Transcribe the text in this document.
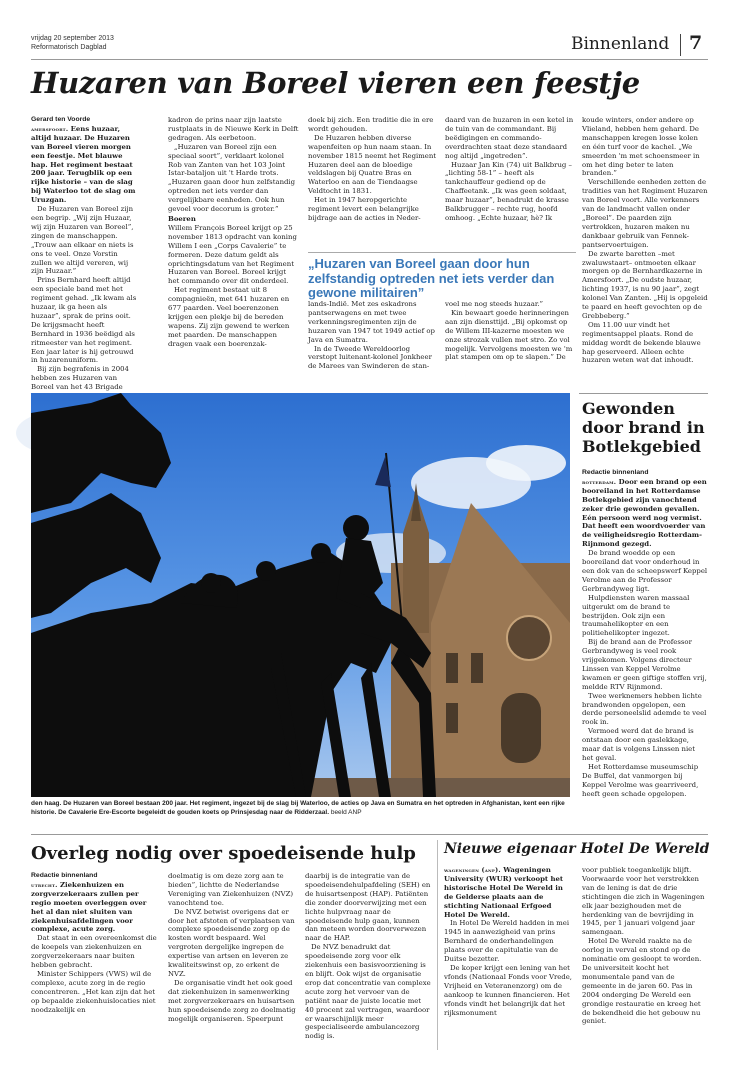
vrijdag 20 september 2013
Reformatorisch Dagblad	Binnenland 7
Huzaren van Boreel vieren een feestje

Gerard ten Voorde

amersfoort. Eens huzaar, altijd huzaar. De Huzaren van Boreel vieren morgen een feestje. Met blauwe hap. Het regiment bestaat 200 jaar. Terugblik op een rijke historie – van de slag bij Waterloo tot de slag om Uruzgan.

De Huzaren van Boreel zijn een begrip. „Wij zijn Huzaar, wij zijn Huzaren van Boreel”, zingen de manschappen. „Trouw aan elkaar en niets is ons te veel. Onze Vorstin zullen we altijd vereren, wij zijn Huzaar.”

Prins Bernhard heeft altijd een speciale band met het regiment gehad. „Ik kwam als huzaar, ik ga heen als huzaar”, sprak de prins ooit. De krijgsmacht heeft Bernhard in 1936 beëdigd als ritmeester van het regiment. Een jaar later is hij getrouwd in huzarenuniform.

Bij zijn begrafenis in 2004 hebben zes Huzaren van Boreel van het 43 Brigade

kadron de prins naar zijn laatste rustplaats in de Nieuwe Kerk in Delft gedragen. Als eerbetoon.

„Huzaren van Boreel zijn een speciaal soort”, verklaart kolonel Rob van Zanten van het 103 Joint Istar-bataljon uit 't Harde trots. „Huzaren gaan door hun zelfstandig optreden net iets verder dan vergelijkbare eenheden. Ook hun gevoel voor decorum is groter.”

Boeren

Willem François Boreel krijgt op 25 november 1813 opdracht van koning Willem I een „Corps Cavalerie” te formeren. Deze datum geldt als oprichtingsdatum van het Regiment Huzaren van Boreel. Boreel krijgt het commando over dit onderdeel.

Het regiment bestaat uit 8 compagnieën, met 641 huzaren en 677 paarden. Veel boerenzonen krijgen een plekje bij de bereden wapens. Zij zijn gewend te werken met paarden. De manschappen dragen vaak een boerenzak-

doek bij zich. Een traditie die in ere wordt gehouden.

De Huzaren hebben diverse wapenfeiten op hun naam staan. In november 1815 neemt het Regiment Huzaren deel aan de bloedige veldslagen bij Quatre Bras en Waterloo en aan de Tiendaagse Veldtocht in 1831.

Het in 1947 heropgerichte regiment levert een belangrijke bijdrage aan de acties in Neder-

daard van de huzaren in een ketel in de tuin van de commandant. Bij beëdigingen en commando-overdrachten staat deze standaard nog altijd „ingetreden”.

Huzaar Jan Kin (74) uit Balkbrug –„lichting 58-1” – heeft als tankchauffeur gediend op de Chaffeetank. „Ik was geen soldaat, maar huzaar”, benadrukt de krasse Balkbrugger – rechte rug, hoofd omhoog. „Echte huzaar, hè? Ik

„Huzaren van Boreel gaan door hun zelfstandig optreden net iets verder dan gewone militairen”

lands-Indië. Met zes eskadrons pantserwagens en met twee verkenningsregimenten zijn de huzaren van 1947 tot 1949 actief op Java en Sumatra.

In de Tweede Wereldoorlog verstopt luitenant-kolonel Jonkheer de Marees van Swinderen de stan-

voel me nog steeds huzaar.”

Kin bewaart goede herinneringen aan zijn diensttijd. „Bij opkomst op de Willem III-kazerne moesten we onze strozak vullen met stro. Zo vol mogelijk. Vervolgens moesten we 'm plat stampen om op te slapen.” De

koude winters, onder andere op Vlieland, hebben hem gehard. De manschappen kregen losse kolen en één turf voor de kachel. „We smeerden 'm met schoensmeer in om het ding beter te laten branden.”

Verschillende eenheden zetten de tradities van het Regiment Huzaren van Boreel voort. Alle verkenners van de landmacht vallen onder „Boreel”. De paarden zijn vertrokken, huzaren maken nu dankbaar gebruik van Fennek-pantservoertuigen.

De zwarte baretten –met zwaluwstaart– ontmoeten elkaar morgen op de Bernhardkazerne in Amersfoort. „De oudste huzaar, lichting 1937, is nu 90 jaar”, zegt kolonel Van Zanten. „Hij is opgeleid te paard en heeft gevochten op de Grebbeberg.”

Om 11.00 uur vindt het regimentsappel plaats. Rond de middag wordt de bekende blauwe hap geserveerd. Alleen echte huzaren weten wat dat inhoudt.

den haag. De Huzaren van Boreel bestaan 200 jaar. Het regiment, ingezet bij de slag bij Waterloo, de acties op Java en Sumatra en het optreden in Afghanistan, kent een rijke historie. De Cavalerie Ere-Escorte begeleidt de gouden koets op Prinsjesdag naar de Ridderzaal. beeld ANP
Gewonden door brand in Botlekgebied

Redactie binnenland

rotterdam. Door een brand op een booreiland in het Rotterdamse Botlekgebied zijn vanochtend zeker drie gewonden gevallen. Eén persoon werd nog vermist. Dat heeft een woordvoerder van de veiligheidsregio Rotterdam-Rijnmond gezegd.

De brand woedde op een booreiland dat voor onderhoud in een dok van de scheepswerf Keppel Verolme aan de Professor Gerbrandyweg ligt.

Hulpdiensten waren massaal uitgerukt om de brand te bestrijden. Ook zijn een traumahelikopter en een politiehelikopter ingezet.

Bij de brand aan de Professor Gerbrandyweg is veel rook vrijgekomen. Volgens directeur Linssen van Keppel Verolme kwamen er geen giftige stoffen vrij, meldde RTV Rijnmond.

Twee werknemers hebben lichte brandwonden opgelopen, een derde personeelslid ademde te veel rook in.

Vermoed werd dat de brand is ontstaan door een gaslekkage, maar dat is volgens Linssen niet het geval.

Het Rotterdamse museumschip De Buffel, dat vanmorgen bij Keppel Verolme was gearriveerd, heeft geen schade opgelopen.

Overleg nodig over spoedeisende hulp

Redactie binnenland

utrecht. Ziekenhuizen en zorgverzekeraars zullen per regio moeten overleggen over het al dan niet sluiten van ziekenhuisafdelingen voor complexe, acute zorg.

Dat staat in een overeenkomst die de koepels van ziekenhuizen en zorgverzekeraars naar buiten hebben gebracht.

Minister Schippers (VWS) wil de complexe, acute zorg in de regio concentreren. „Het kan zijn dat het op bepaalde ziekenhuislocaties niet noodzakelijk en

doelmatig is om deze zorg aan te bieden”, lichtte de Nederlandse Vereniging van Ziekenhuizen (NVZ) vanochtend toe.

De NVZ betwist overigens dat er door het afstoten of verplaatsen van complexe spoedeisende zorg op de kosten wordt bespaard. Wel vergroten dergelijke ingrepen de expertise van artsen en leveren ze kwaliteitswinst op, zo erkent de NVZ.

De organisatie vindt het ook goed dat ziekenhuizen in samenwerking met zorgverzekeraars en huisartsen hun spoedeisende zorg zo doelmatig mogelijk organiseren. Speerpunt

daarbij is de integratie van de spoedeisendehulpafdeling (SEH) en de huisartsenpost (HAP). Patiënten die zonder doorverwijzing met een lichte hulpvraag naar de spoedeisende hulp gaan, kunnen dan meteen worden doorverwezen naar de HAP.

De NVZ benadrukt dat spoedeisende zorg voor elk ziekenhuis een basisvoorziening is en blijft. Ook wijst de organisatie erop dat concentratie van complexe acute zorg het vervoer van de patiënt naar de juiste locatie met 40 procent zal vertragen, waardoor er waarschijnlijk meer gespecialiseerde ambulancezorg nodig is.

Nieuwe eigenaar Hotel De Wereld

wageningen (anp). Wageningen University (WUR) verkoopt het historische Hotel De Wereld in de Gelderse plaats aan de stichting Nationaal Erfgoed Hotel De Wereld.

In Hotel De Wereld hadden in mei 1945 in aanwezigheid van prins Bernhard de onderhandelingen plaats over de capitulatie van de Duitse bezetter.

De koper krijgt een lening van het vfonds (Nationaal Fonds voor Vrede, Vrijheid en Veteranenzorg) om de aankoop te kunnen financieren. Het vfonds vindt het belangrijk dat het rijksmonument

voor publiek toegankelijk blijft. Voorwaarde voor het verstrekken van de lening is dat de drie stichtingen die zich in Wageningen elk jaar bezighouden met de herdenking van de bevrijding in 1945, per 1 januari volgend jaar samengaan.

Hotel De Wereld raakte na de oorlog in verval en stond op de nominatie om gesloopt te worden. De universiteit kocht het monumentale pand van de gemeente in de jaren 60. Pas in 2004 onderging De Wereld een grondige restauratie en kreeg het de bekendheid die het gebouw nu geniet.
